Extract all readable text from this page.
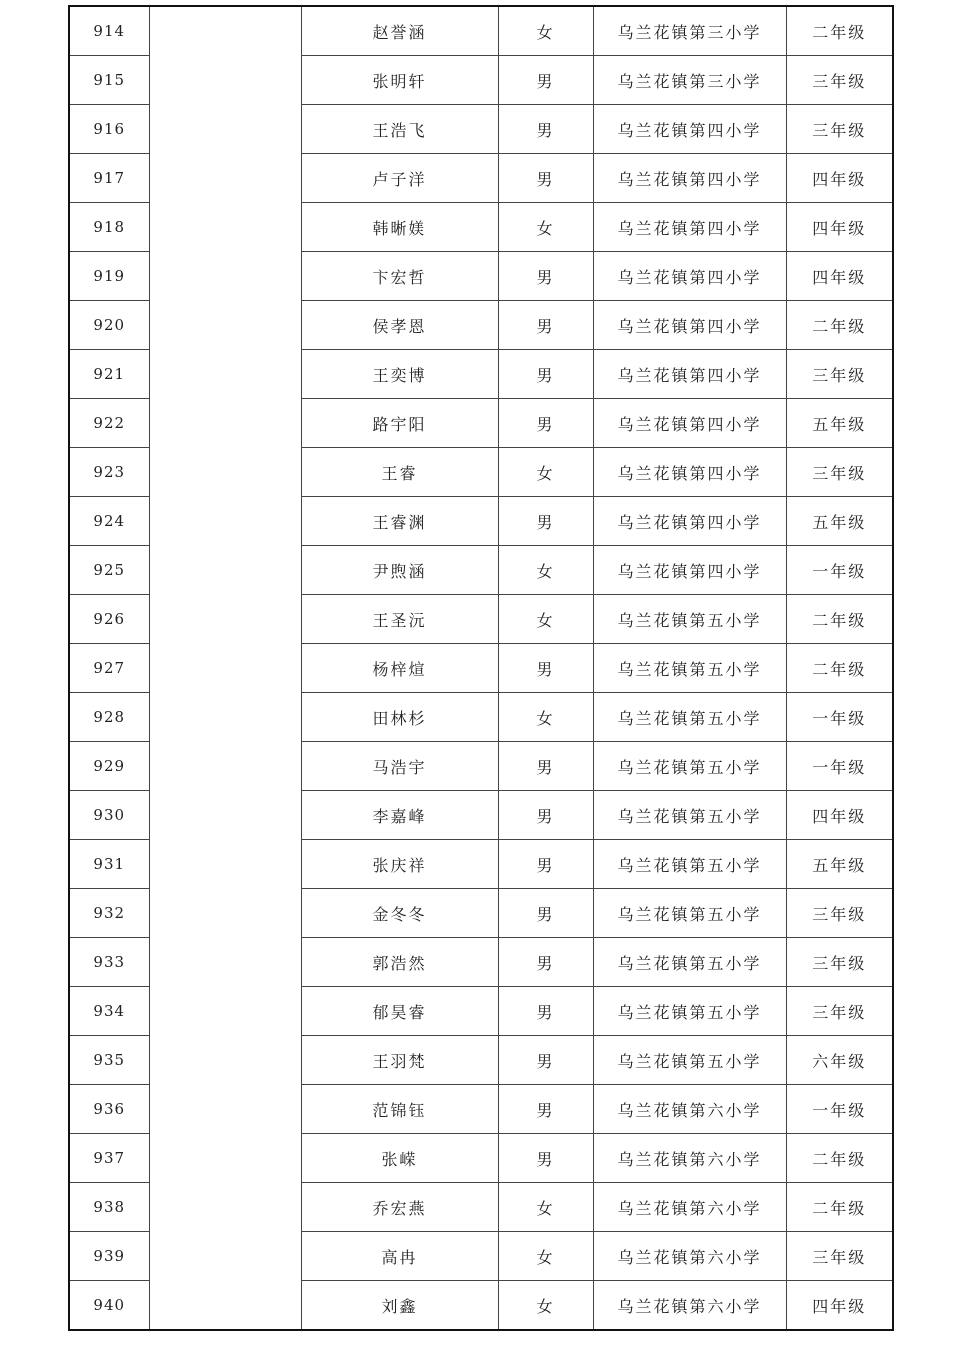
914		赵誉涵	女	乌兰花镇第三小学	二年级
915		张明轩	男	乌兰花镇第三小学	三年级
916		王浩飞	男	乌兰花镇第四小学	三年级
917		卢子洋	男	乌兰花镇第四小学	四年级
918		韩晰媄	女	乌兰花镇第四小学	四年级
919		卞宏哲	男	乌兰花镇第四小学	四年级
920		侯孝恩	男	乌兰花镇第四小学	二年级
921		王奕博	男	乌兰花镇第四小学	三年级
922		路宇阳	男	乌兰花镇第四小学	五年级
923		王睿	女	乌兰花镇第四小学	三年级
924		王睿渊	男	乌兰花镇第四小学	五年级
925		尹煦涵	女	乌兰花镇第四小学	一年级
926		王圣沅	女	乌兰花镇第五小学	二年级
927		杨梓煊	男	乌兰花镇第五小学	二年级
928		田林杉	女	乌兰花镇第五小学	一年级
929		马浩宇	男	乌兰花镇第五小学	一年级
930		李嘉峰	男	乌兰花镇第五小学	四年级
931		张庆祥	男	乌兰花镇第五小学	五年级
932		金冬冬	男	乌兰花镇第五小学	三年级
933		郭浩然	男	乌兰花镇第五小学	三年级
934		郁昊睿	男	乌兰花镇第五小学	三年级
935		王羽梵	男	乌兰花镇第五小学	六年级
936		范锦钰	男	乌兰花镇第六小学	一年级
937		张嵘	男	乌兰花镇第六小学	二年级
938		乔宏燕	女	乌兰花镇第六小学	二年级
939		高冉	女	乌兰花镇第六小学	三年级
940		刘鑫	女	乌兰花镇第六小学	四年级
